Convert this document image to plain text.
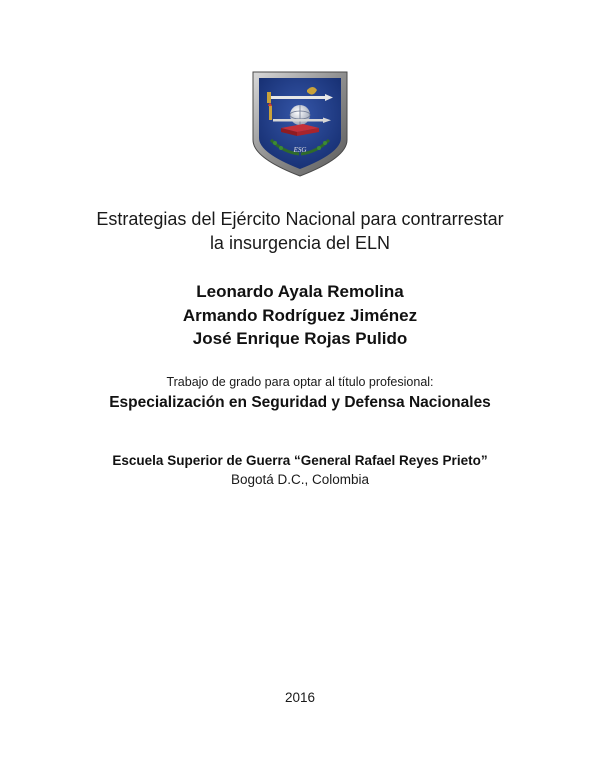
ESG
Estrategias del Ejército Nacional para contrarrestar
la insurgencia del ELN
Leonardo Ayala Remolina
Armando Rodríguez Jiménez
José Enrique Rojas Pulido
Trabajo de grado para optar al título profesional:
Especialización en Seguridad y Defensa Nacionales
Escuela Superior de Guerra “General Rafael Reyes Prieto”
Bogotá D.C., Colombia
2016
